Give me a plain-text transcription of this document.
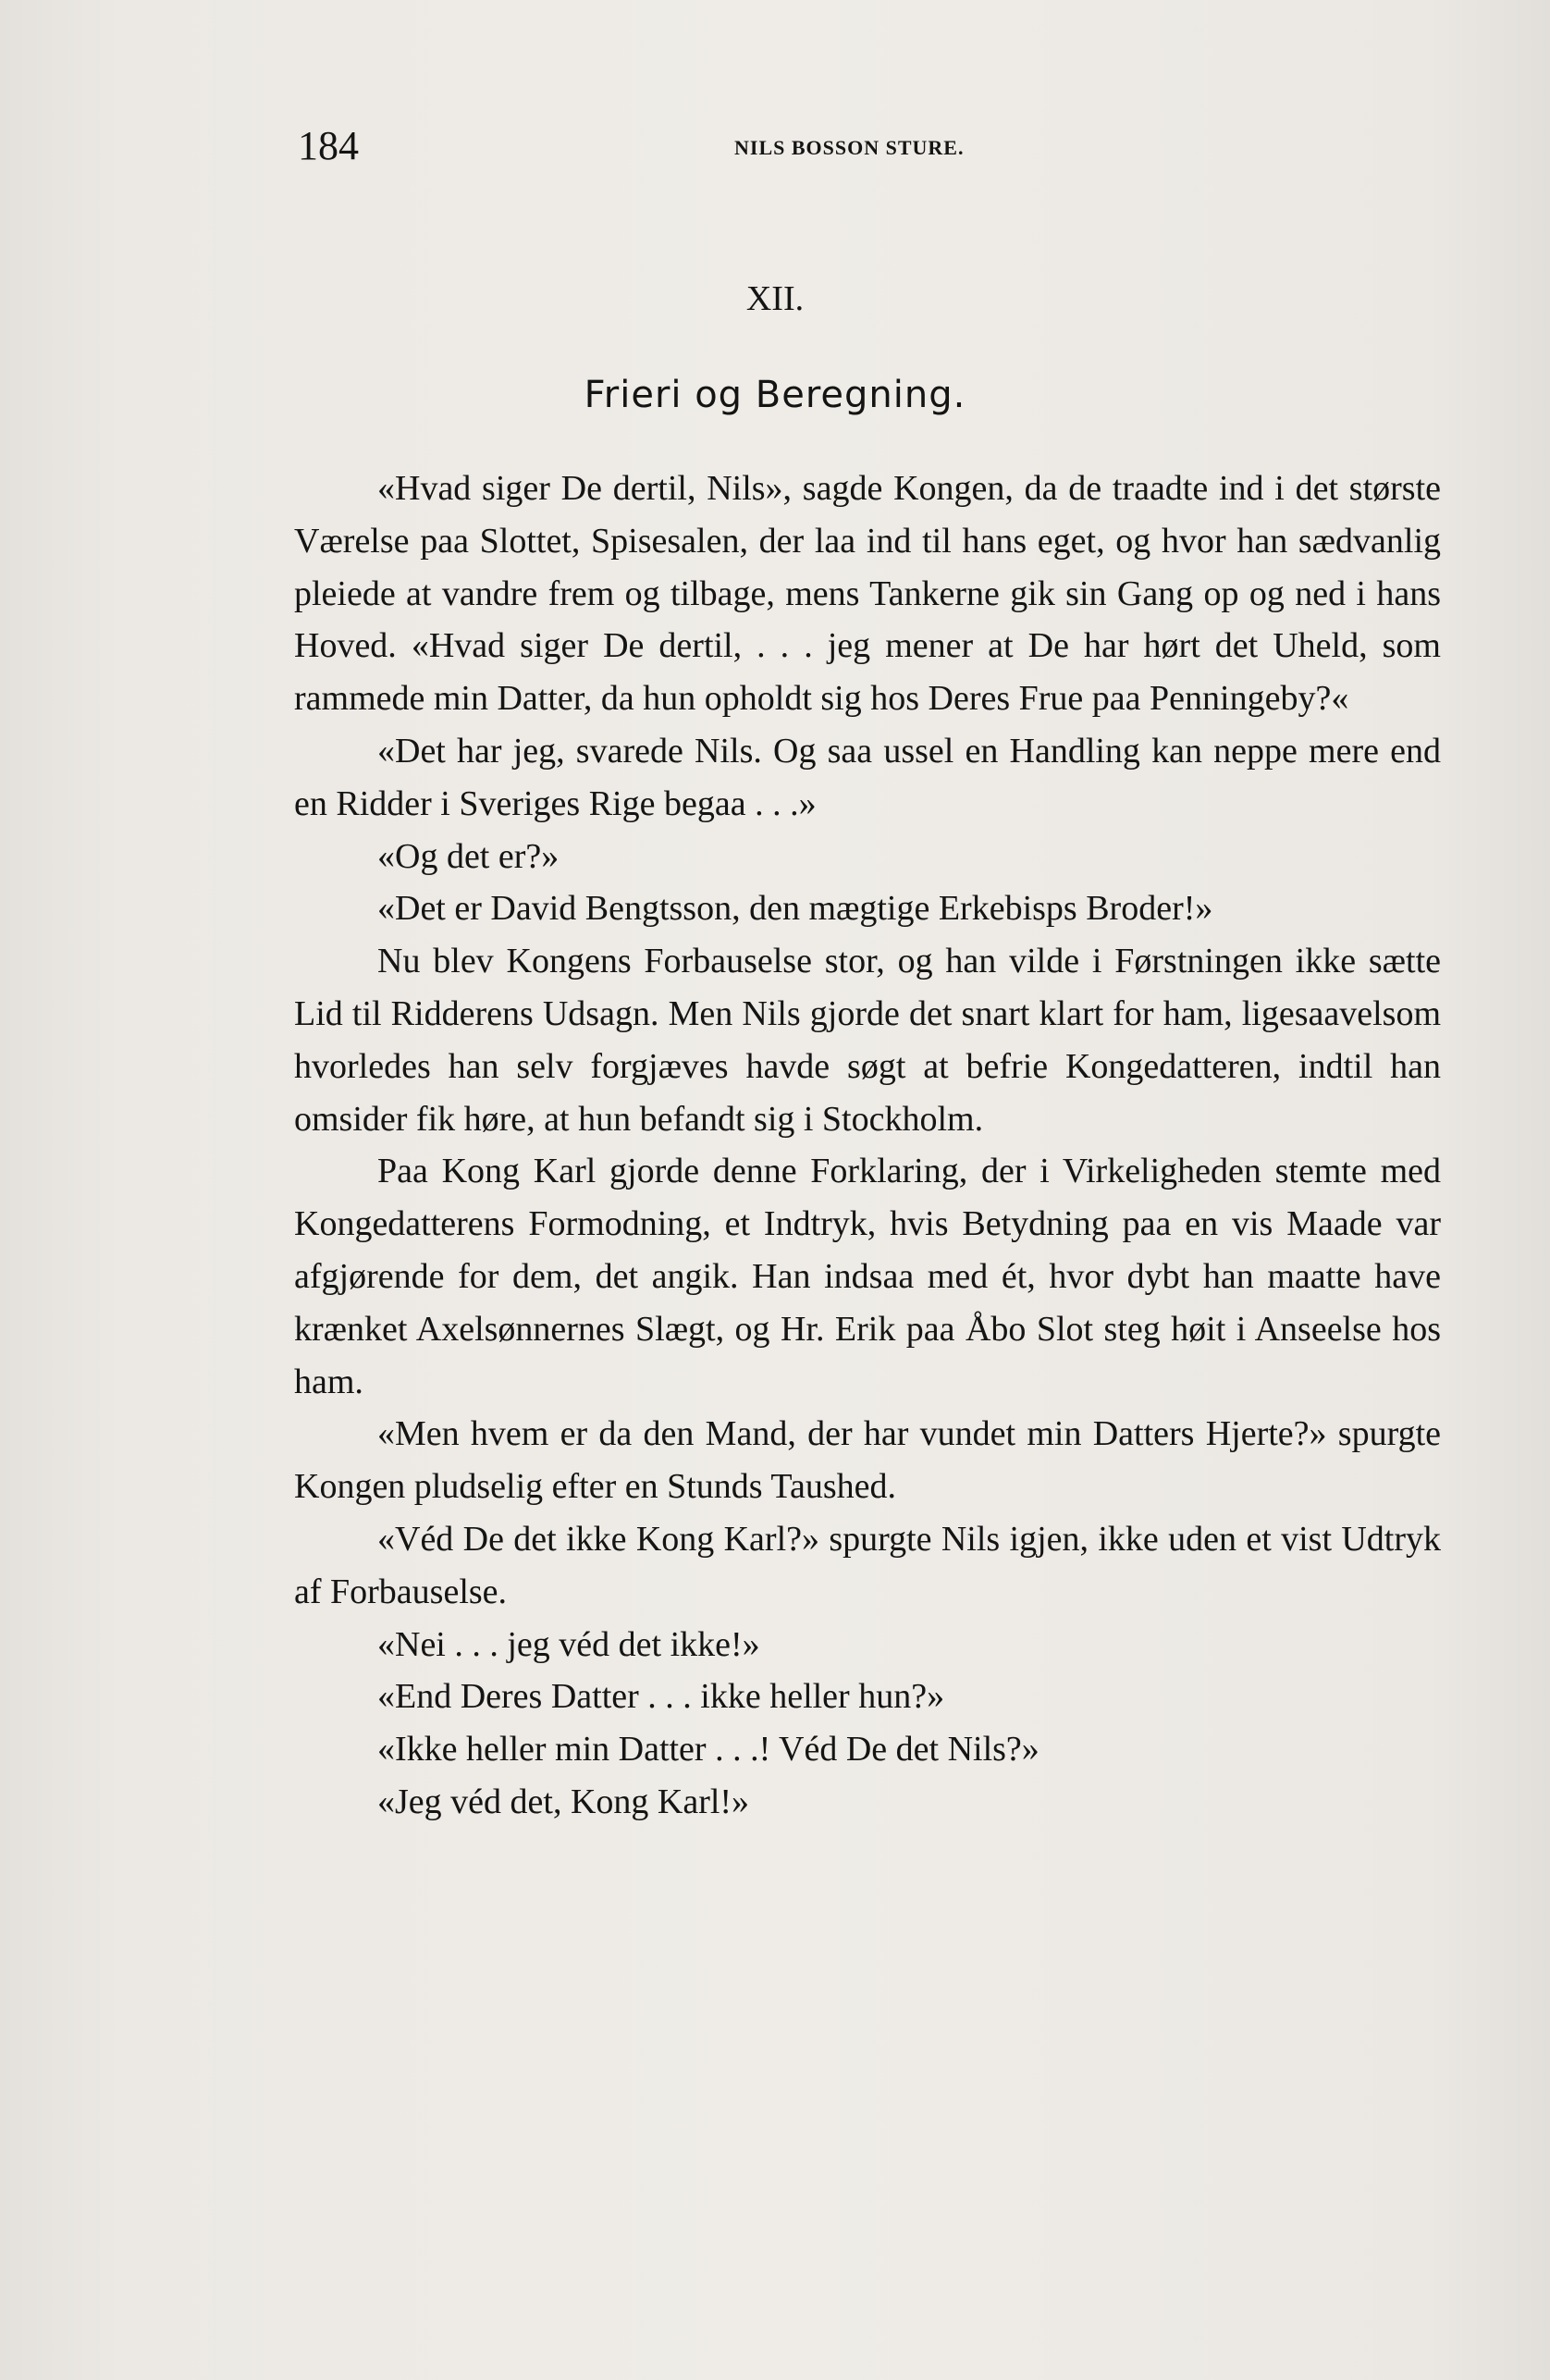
184	NILS BOSSON STURE.
XII.
Frieri og Beregning.

«Hvad siger De dertil, Nils», sagde Kongen, da de traadte ind i det største Værelse paa Slottet, Spisesalen, der laa ind til hans eget, og hvor han sædvanlig pleiede at vandre frem og tilbage, mens Tankerne gik sin Gang op og ned i hans Hoved. «Hvad siger De dertil, . . . jeg mener at De har hørt det Uheld, som rammede min Datter, da hun opholdt sig hos Deres Frue paa Penningeby?«

«Det har jeg, svarede Nils. Og saa ussel en Handling kan neppe mere end en Ridder i Sveriges Rige begaa . . .»

«Og det er?»

«Det er David Bengtsson, den mægtige Erkebisps Broder!»

Nu blev Kongens Forbauselse stor, og han vilde i Førstningen ikke sætte Lid til Ridderens Udsagn. Men Nils gjorde det snart klart for ham, ligesaavelsom hvorledes han selv forgjæves havde søgt at befrie Kongedatteren, indtil han omsider fik høre, at hun befandt sig i Stockholm.

Paa Kong Karl gjorde denne Forklaring, der i Virkeligheden stemte med Kongedatterens Formodning, et Indtryk, hvis Betydning paa en vis Maade var afgjørende for dem, det angik. Han indsaa med ét, hvor dybt han maatte have krænket Axelsønnernes Slægt, og Hr. Erik paa Åbo Slot steg høit i Anseelse hos ham.

«Men hvem er da den Mand, der har vundet min Datters Hjerte?» spurgte Kongen pludselig efter en Stunds Taushed.

«Véd De det ikke Kong Karl?» spurgte Nils igjen, ikke uden et vist Udtryk af Forbauselse.

«Nei . . . jeg véd det ikke!»

«End Deres Datter . . . ikke heller hun?»

«Ikke heller min Datter . . .! Véd De det Nils?»

«Jeg véd det, Kong Karl!»
